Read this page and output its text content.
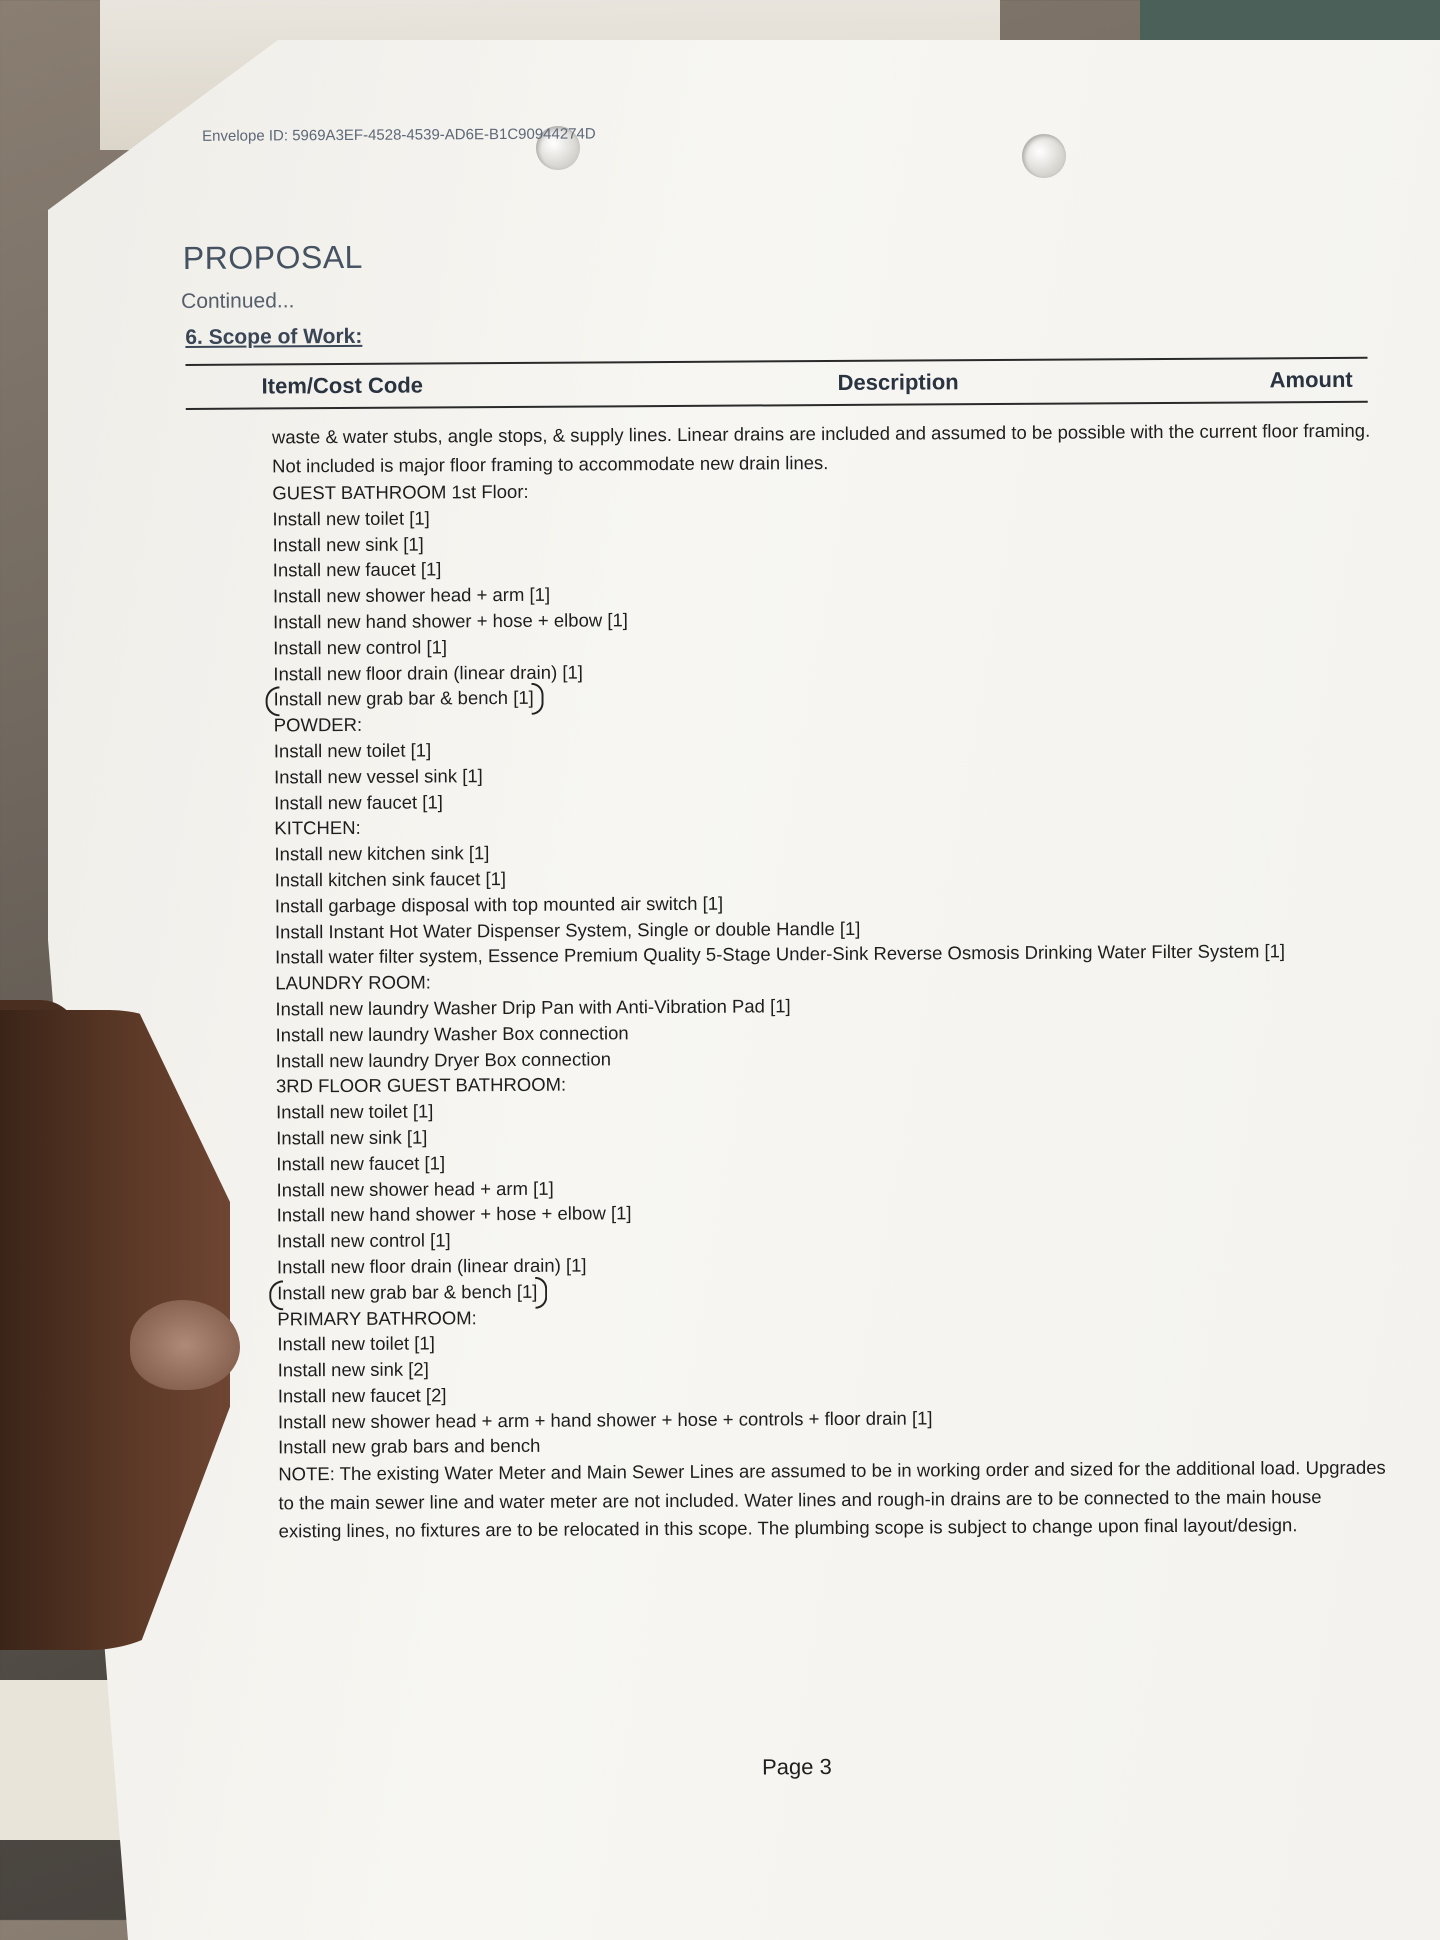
Envelope ID: 5969A3EF-4528-4539-AD6E-B1C90944274D
PROPOSAL
Continued...
6. Scope of Work:
Item/Cost Code	Description	Amount
waste & water stubs, angle stops, & supply lines. Linear drains are included and assumed to be possible with the current floor framing. Not included is major floor framing to accommodate new drain lines.
GUEST BATHROOM 1st Floor:
Install new toilet [1]
Install new sink [1]
Install new faucet [1]
Install new shower head + arm [1]
Install new hand shower + hose + elbow [1]
Install new control [1]
Install new floor drain (linear drain) [1]
Install new grab bar & bench [1]
POWDER:
Install new toilet [1]
Install new vessel sink [1]
Install new faucet [1]
KITCHEN:
Install new kitchen sink [1]
Install kitchen sink faucet [1]
Install garbage disposal with top mounted air switch [1]
Install Instant Hot Water Dispenser System, Single or double Handle [1]
Install water filter system, Essence Premium Quality 5-Stage Under-Sink Reverse Osmosis Drinking Water Filter System [1]
LAUNDRY ROOM:
Install new laundry Washer Drip Pan with Anti-Vibration Pad [1]
Install new laundry Washer Box connection
Install new laundry Dryer Box connection
3RD FLOOR GUEST BATHROOM:
Install new toilet [1]
Install new sink [1]
Install new faucet [1]
Install new shower head + arm [1]
Install new hand shower + hose + elbow [1]
Install new control [1]
Install new floor drain (linear drain) [1]
Install new grab bar & bench [1]
PRIMARY BATHROOM:
Install new toilet [1]
Install new sink [2]
Install new faucet [2]
Install new shower head + arm + hand shower + hose + controls + floor drain [1]
Install new grab bars and bench
NOTE: The existing Water Meter and Main Sewer Lines are assumed to be in working order and sized for the additional load. Upgrades to the main sewer line and water meter are not included. Water lines and rough-in drains are to be connected to the main house existing lines, no fixtures are to be relocated in this scope. The plumbing scope is subject to change upon final layout/design.
Page 3
